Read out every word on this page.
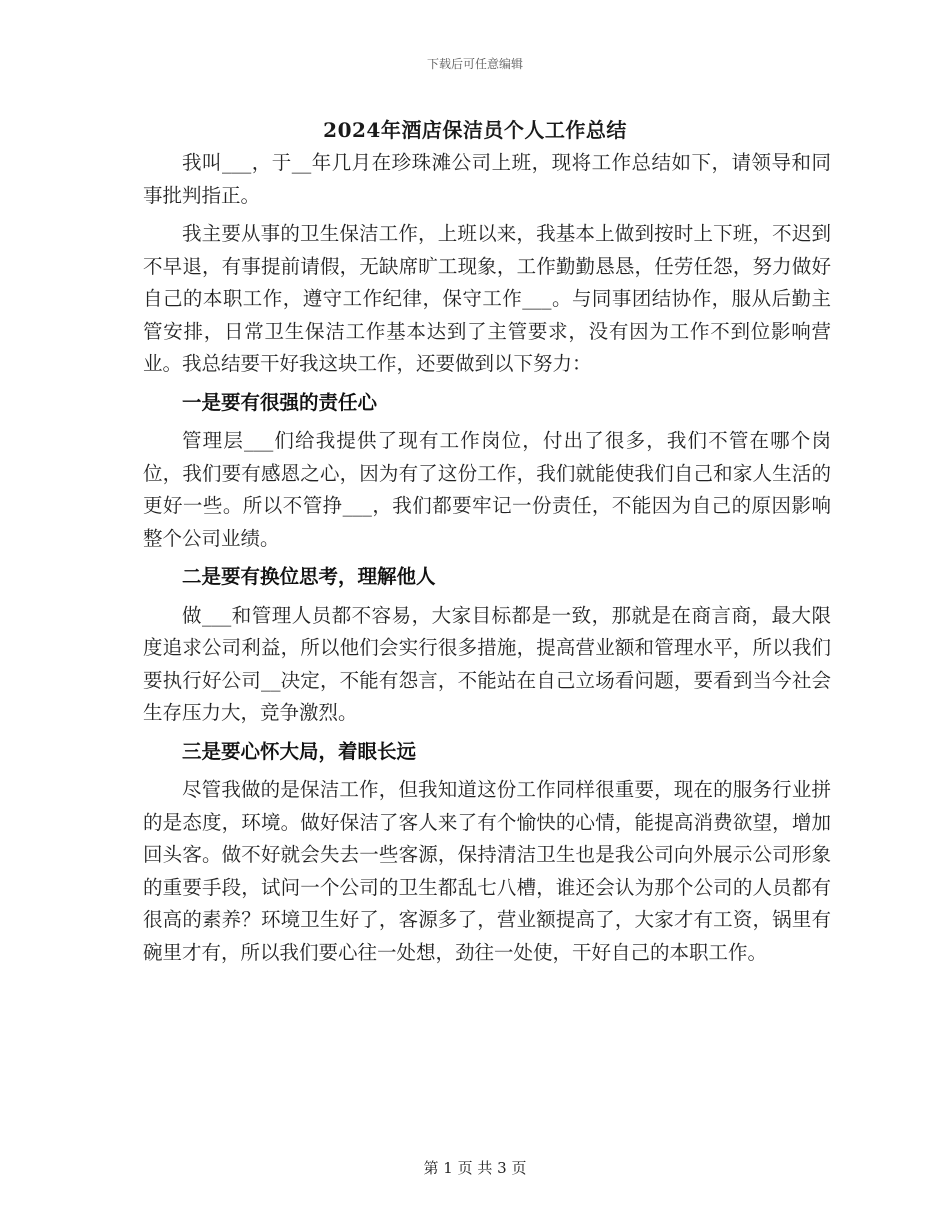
下载后可任意编辑
2024年酒店保洁员个人工作总结

我叫___，于__年几月在珍珠滩公司上班，现将工作总结如下，请领导和同事批判指正。

我主要从事的卫生保洁工作，上班以来，我基本上做到按时上下班，不迟到不早退，有事提前请假，无缺席旷工现象，工作勤勤恳恳，任劳任怨，努力做好自己的本职工作，遵守工作纪律，保守工作___。与同事团结协作，服从后勤主管安排，日常卫生保洁工作基本达到了主管要求，没有因为工作不到位影响营业。我总结要干好我这块工作，还要做到以下努力：

一是要有很强的责任心

管理层___们给我提供了现有工作岗位，付出了很多，我们不管在哪个岗位，我们要有感恩之心，因为有了这份工作，我们就能使我们自己和家人生活的更好一些。所以不管挣___，我们都要牢记一份责任，不能因为自己的原因影响整个公司业绩。

二是要有换位思考，理解他人

做___和管理人员都不容易，大家目标都是一致，那就是在商言商，最大限度追求公司利益，所以他们会实行很多措施，提高营业额和管理水平，所以我们要执行好公司__决定，不能有怨言，不能站在自己立场看问题，要看到当今社会生存压力大，竞争激烈。

三是要心怀大局，着眼长远

尽管我做的是保洁工作，但我知道这份工作同样很重要，现在的服务行业拼的是态度，环境。做好保洁了客人来了有个愉快的心情，能提高消费欲望，增加回头客。做不好就会失去一些客源，保持清洁卫生也是我公司向外展示公司形象的重要手段，试问一个公司的卫生都乱七八槽，谁还会认为那个公司的人员都有很高的素养？环境卫生好了，客源多了，营业额提高了，大家才有工资，锅里有碗里才有，所以我们要心往一处想，劲往一处使，干好自己的本职工作。

第 1 页 共 3 页
